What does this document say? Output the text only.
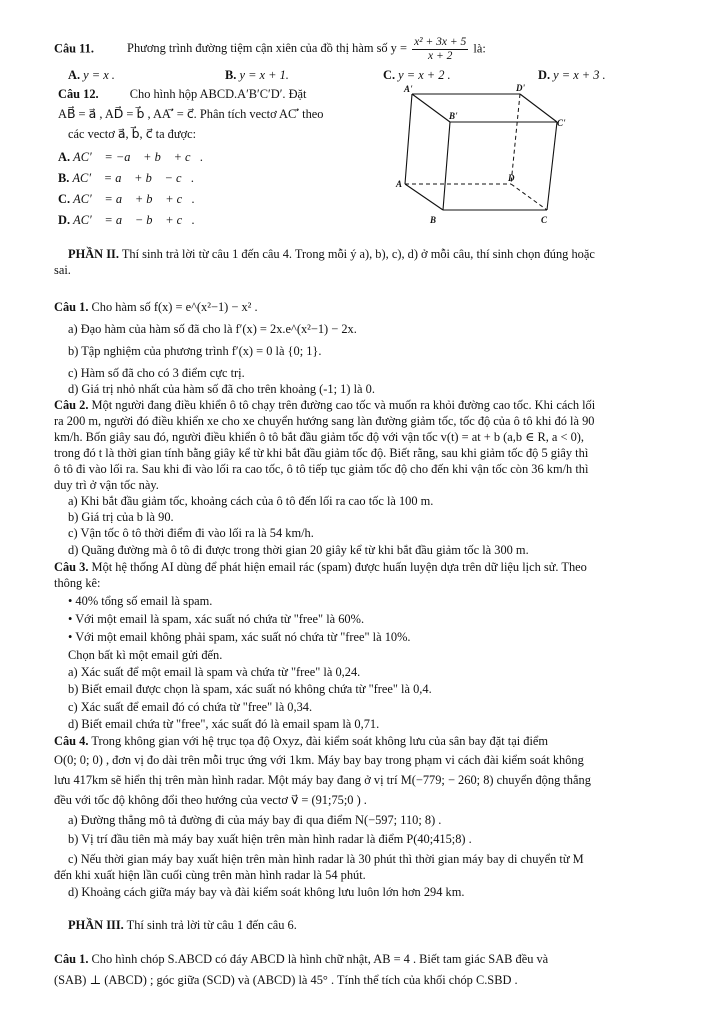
Câu 11.	Phương trình đường tiệm cận xiên của đồ thị hàm số $y = \frac{\text{x² + 3x + 5}}{x + 2}$ là:
A. y = x .	B. y = x + 1.	C. y = x + 2 .	D. y = x + 3 .
Câu 12.	Cho hình hộp ABCD.A′B′C′D′. Đặt
AB⃗ = a⃗ , AD⃗ = b⃗ , AA′⃗ = c⃗. Phân tích vectơ AC′⃗ theo
các vectơ a⃗, b⃗, c⃗ ta được:
A. AC′⃗ = −a⃗ + b⃗ + c⃗.
B. AC′⃗ = a⃗ + b⃗ − c⃗.
C. AC′⃗ = a⃗ + b⃗ + c⃗.
D. AC′⃗ = a⃗ − b⃗ + c⃗.
A'	D'
B'
C'
A
D
B	C
PHẦN II. Thí sinh trả lời từ câu 1 đến câu 4. Trong mỗi ý a), b), c), d) ở mỗi câu, thí sinh chọn đúng hoặc
sai.
Câu 1. Cho hàm số f(x) = e^(x²−1) − x² .
a) Đạo hàm của hàm số đã cho là f′(x) = 2x.e^(x²−1) − 2x.
b) Tập nghiệm của phương trình f′(x) = 0 là {0; 1}.
c) Hàm số đã cho có 3 điểm cực trị.
d) Giá trị nhỏ nhất của hàm số đã cho trên khoảng (-1; 1) là 0.
Câu 2. Một người đang điều khiển ô tô chạy trên đường cao tốc và muốn ra khỏi đường cao tốc. Khi cách lối
ra 200 m, người đó điều khiển xe cho xe chuyển hướng sang làn đường giảm tốc, tốc độ của ô tô khi đó là 90
km/h. Bốn giây sau đó, người điều khiển ô tô bắt đầu giảm tốc độ với vận tốc v(t) = at + b (a,b ∈ R, a < 0),
trong đó t là thời gian tính bằng giây kể từ khi bắt đầu giảm tốc độ. Biết rằng, sau khi giảm tốc độ 5 giây thì
ô tô đi vào lối ra. Sau khi đi vào lối ra cao tốc, ô tô tiếp tục giảm tốc độ cho đến khi vận tốc còn 36 km/h thì
duy trì ở vận tốc này.
a) Khi bắt đầu giảm tốc, khoảng cách của ô tô đến lối ra cao tốc là 100 m.
b) Giá trị của b là 90.
c) Vận tốc ô tô thời điểm đi vào lối ra là 54 km/h.
d) Quãng đường mà ô tô đi được trong thời gian 20 giây kể từ khi bắt đầu giảm tốc là 300 m.
Câu 3. Một hệ thống AI dùng để phát hiện email rác (spam) được huấn luyện dựa trên dữ liệu lịch sử. Theo
thông kê:
• 40% tổng số email là spam.
• Với một email là spam, xác suất nó chứa từ "free" là 60%.
• Với một email không phải spam, xác suất nó chứa từ "free" là 10%.
Chọn bất kì một email gửi đến.
a) Xác suất để một email là spam và chứa từ "free" là 0,24.
b) Biết email được chọn là spam, xác suất nó không chứa từ "free" là 0,4.
c) Xác suất để email đó có chứa từ "free" là 0,34.
d) Biết email chứa từ "free", xác suất đó là email spam là 0,71.
Câu 4. Trong không gian với hệ trục tọa độ Oxyz, đài kiểm soát không lưu của sân bay đặt tại điểm
O(0; 0; 0) , đơn vị đo dài trên mỗi trục ứng với 1km. Máy bay bay trong phạm vi cách đài kiểm soát không
lưu 417km sẽ hiển thị trên màn hình radar. Một máy bay đang ở vị trí M(−779; − 260; 8) chuyển động thẳng
đều với tốc độ không đổi theo hướng của vectơ v⃗ = (91;75;0 ) .
a) Đường thẳng mô tả đường đi của máy bay đi qua điểm N(−597; 110; 8) .
b) Vị trí đầu tiên mà máy bay xuất hiện trên màn hình radar là điểm P(40;415;8) .
c) Nếu thời gian máy bay xuất hiện trên màn hình radar là 30 phút thì thời gian máy bay di chuyển từ M
đến khi xuất hiện lần cuối cùng trên màn hình radar là 54 phút.
d) Khoảng cách giữa máy bay và đài kiểm soát không lưu luôn lớn hơn 294 km.
PHẦN III. Thí sinh trả lời từ câu 1 đến câu 6.
Câu 1. Cho hình chóp S.ABCD có đáy ABCD là hình chữ nhật, AB = 4 . Biết tam giác SAB đều và
(SAB) ⊥ (ABCD) ; góc giữa (SCD) và (ABCD) là 45° . Tính thể tích của khối chóp C.SBD .
